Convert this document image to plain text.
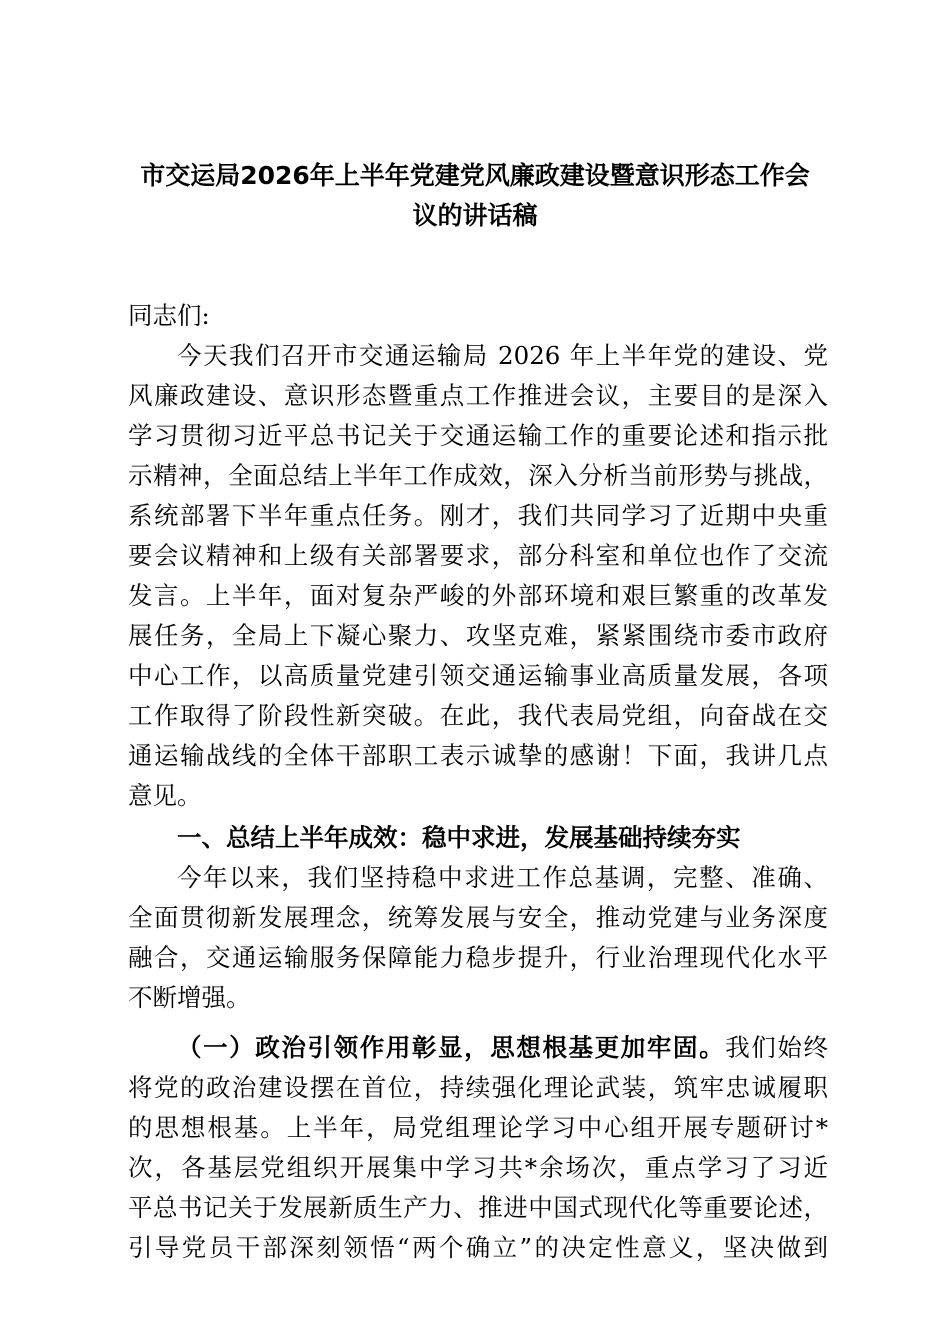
市交运局2026年上半年党建党风廉政建设暨意识形态工作会
议的讲话稿

同志们:

今天我们召开市交通运输局 2026 年上半年党的建设、党

风廉政建设、意识形态暨重点工作推进会议，主要目的是深入

学习贯彻习近平总书记关于交通运输工作的重要论述和指示批

示精神，全面总结上半年工作成效，深入分析当前形势与挑战，

系统部署下半年重点任务。刚才，我们共同学习了近期中央重

要会议精神和上级有关部署要求，部分科室和单位也作了交流

发言。上半年，面对复杂严峻的外部环境和艰巨繁重的改革发

展任务，全局上下凝心聚力、攻坚克难，紧紧围绕市委市政府

中心工作，以高质量党建引领交通运输事业高质量发展，各项

工作取得了阶段性新突破。在此，我代表局党组，向奋战在交

通运输战线的全体干部职工表示诚挚的感谢！下面，我讲几点

意见。

一、总结上半年成效：稳中求进，发展基础持续夯实

今年以来，我们坚持稳中求进工作总基调，完整、准确、

全面贯彻新发展理念，统筹发展与安全，推动党建与业务深度

融合，交通运输服务保障能力稳步提升，行业治理现代化水平

不断增强。

（一）政治引领作用彰显，思想根基更加牢固。我们始终

将党的政治建设摆在首位，持续强化理论武装，筑牢忠诚履职

的思想根基。上半年，局党组理论学习中心组开展专题研讨*

次，各基层党组织开展集中学习共*余场次，重点学习了习近

平总书记关于发展新质生产力、推进中国式现代化等重要论述，

引导党员干部深刻领悟“两个确立”的决定性意义，坚决做到
